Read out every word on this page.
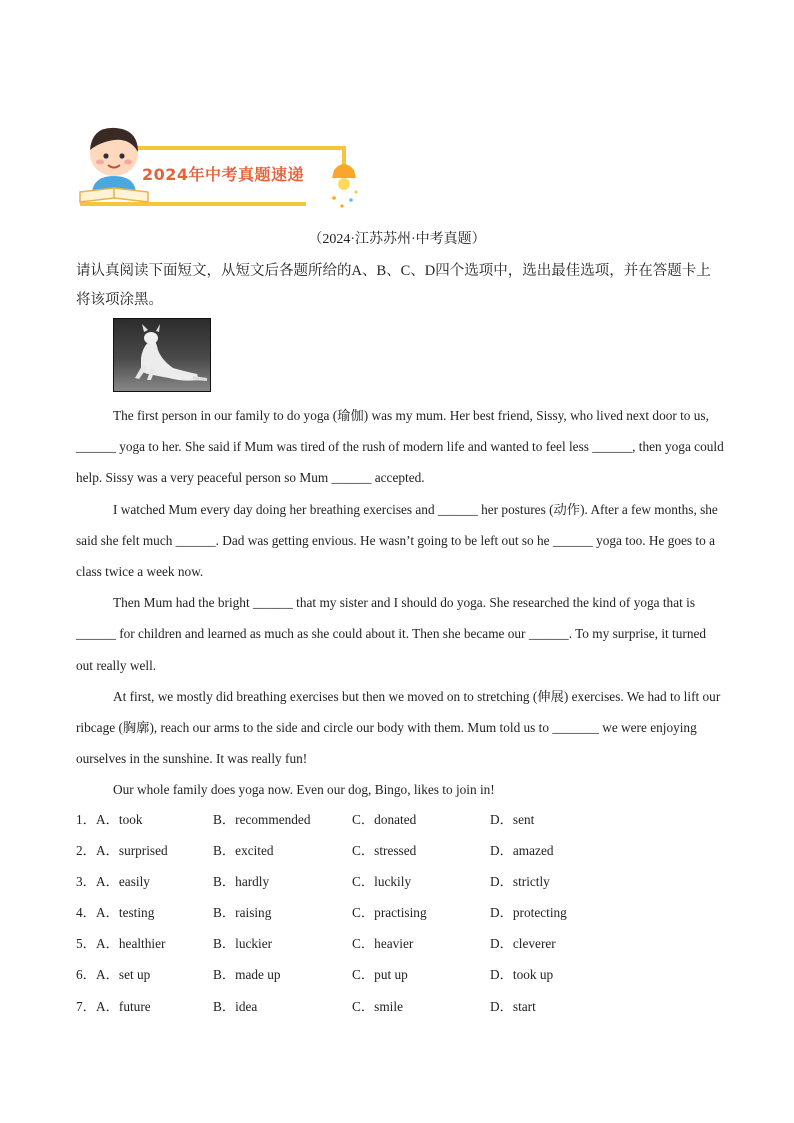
2024年中考真题速递
（2024·江苏苏州·中考真题）
请认真阅读下面短文，从短文后各题所给的A、B、C、D四个选项中，选出最佳选项，并在答题卡上将该项涂黑。

The first person in our family to do yoga (瑜伽) was my mum. Her best friend, Sissy, who lived next door to us, ______ yoga to her. She said if Mum was tired of the rush of modern life and wanted to feel less ______, then yoga could help. Sissy was a very peaceful person so Mum ______ accepted.

I watched Mum every day doing her breathing exercises and ______ her postures (动作). After a few months, she said she felt much ______. Dad was getting envious. He wasn’t going to be left out so he ______ yoga too. He goes to a class twice a week now.

Then Mum had the bright ______ that my sister and I should do yoga. She researched the kind of yoga that is ______ for children and learned as much as she could about it. Then she became our ______. To my surprise, it turned out really well.

At first, we mostly did breathing exercises but then we moved on to stretching (伸展) exercises. We had to lift our ribcage (胸廓), reach our arms to the side and circle our body with them. Mum told us to _______ we were enjoying ourselves in the sunshine. It was really fun!

Our whole family does yoga now. Even our dog, Bingo, likes to join in!

1． A．took	B．recommended	C．donated	D．sent
2． A．surprised	B．excited	C．stressed	D．amazed
3． A．easily	B．hardly	C．luckily	D．strictly
4． A．testing	B．raising	C．practising	D．protecting
5． A．healthier	B．luckier	C．heavier	D．cleverer
6． A．set up	B．made up	C．put up	D．took up
7． A．future	B．idea	C．smile	D．start
